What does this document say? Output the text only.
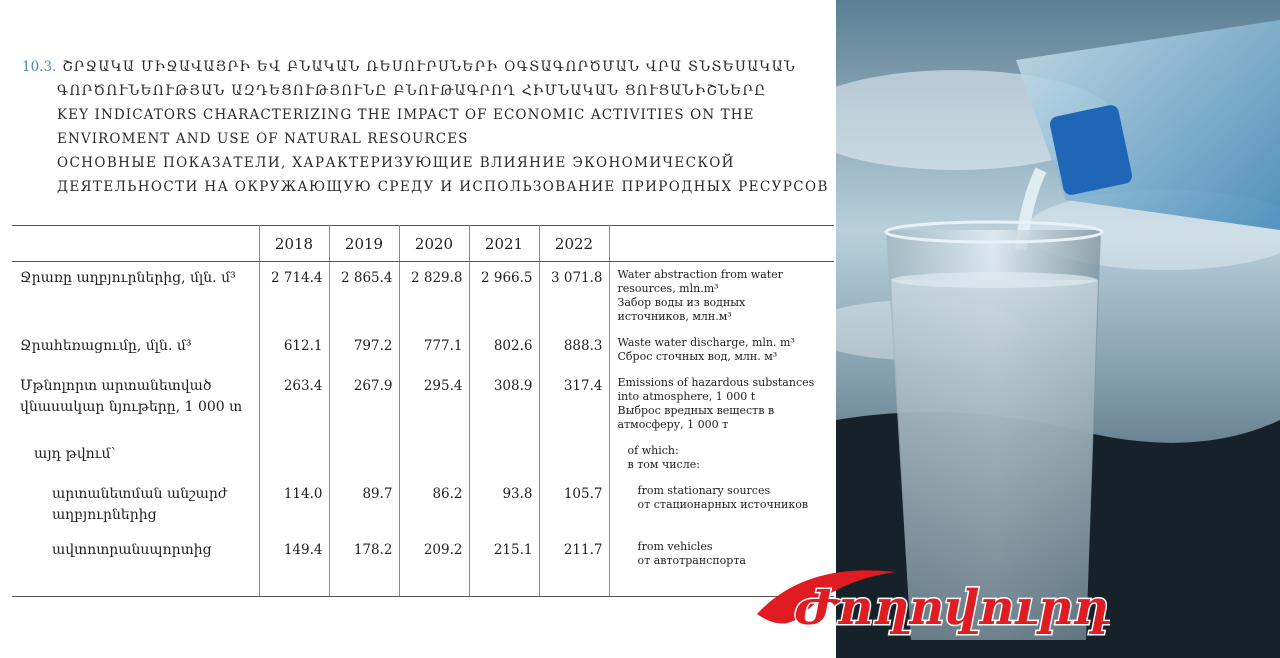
10.3. ՇՐՋԱԿԱ ՄԻՋԱՎԱՅՐԻ ԵՎ ԲՆԱԿԱՆ ՌԵՍՈՒՐՍՆԵՐԻ ՕԳՏԱԳՈՐԾՄԱՆ ՎՐԱ ՏՆՏԵՍԱԿԱՆ
ԳՈՐԾՈՒՆԵՈՒԹՅԱՆ ԱԶԴԵՑՈՒԹՅՈՒՆԸ ԲՆՈՒԹԱԳՐՈՂ ՀԻՄՆԱԿԱՆ ՑՈՒՑԱՆԻՇՆԵՐԸ
KEY INDICATORS CHARACTERIZING THE IMPACT OF ECONOMIC ACTIVITIES ON THE
ENVIROMENT AND USE OF NATURAL RESOURCES
ОСНОВНЫЕ ПОКАЗАТЕЛИ, ХАРАКТЕРИЗУЮЩИЕ ВЛИЯНИЕ ЭКОНОМИЧЕСКОЙ
ДЕЯТЕЛЬНОСТИ НА ОКРУЖАЮЩУЮ СРЕДУ И ИСПОЛЬЗОВАНИЕ ПРИРОДНЫХ РЕСУРСОВ
	2018	2019	2020	2021	2022	
Ջրառը աղբյուրներից, մլն. մ³	2 714.4	2 865.4	2 829.8	2 966.5	3 071.8	Water abstraction from water
resources, mln.m³
Забор воды из водных
источников, млн.м³

Ջրահեռացումը, մլն. մ³	612.1	797.2	777.1	802.6	888.3	Waste water discharge, mln. m³
Сброс сточных вод, млн. м³

Մթնոլորտ արտանետված վնասակար նյութերը, 1 000 տ	263.4	267.9	295.4	308.9	317.4	Emissions of hazardous substances
into atmosphere, 1 000 t
Выброс вредных веществ в
атмосферу, 1 000 т

այդ թվում՝						of which:
в том числе:

արտանետման անշարժ աղբյուրներից	114.0	89.7	86.2	93.8	105.7	from stationary sources
от стационарных источников

ավտոտրանսպորտից	149.4	178.2	209.2	215.1	211.7	from vehicles
от автотранспорта
Ժողովուրդ
